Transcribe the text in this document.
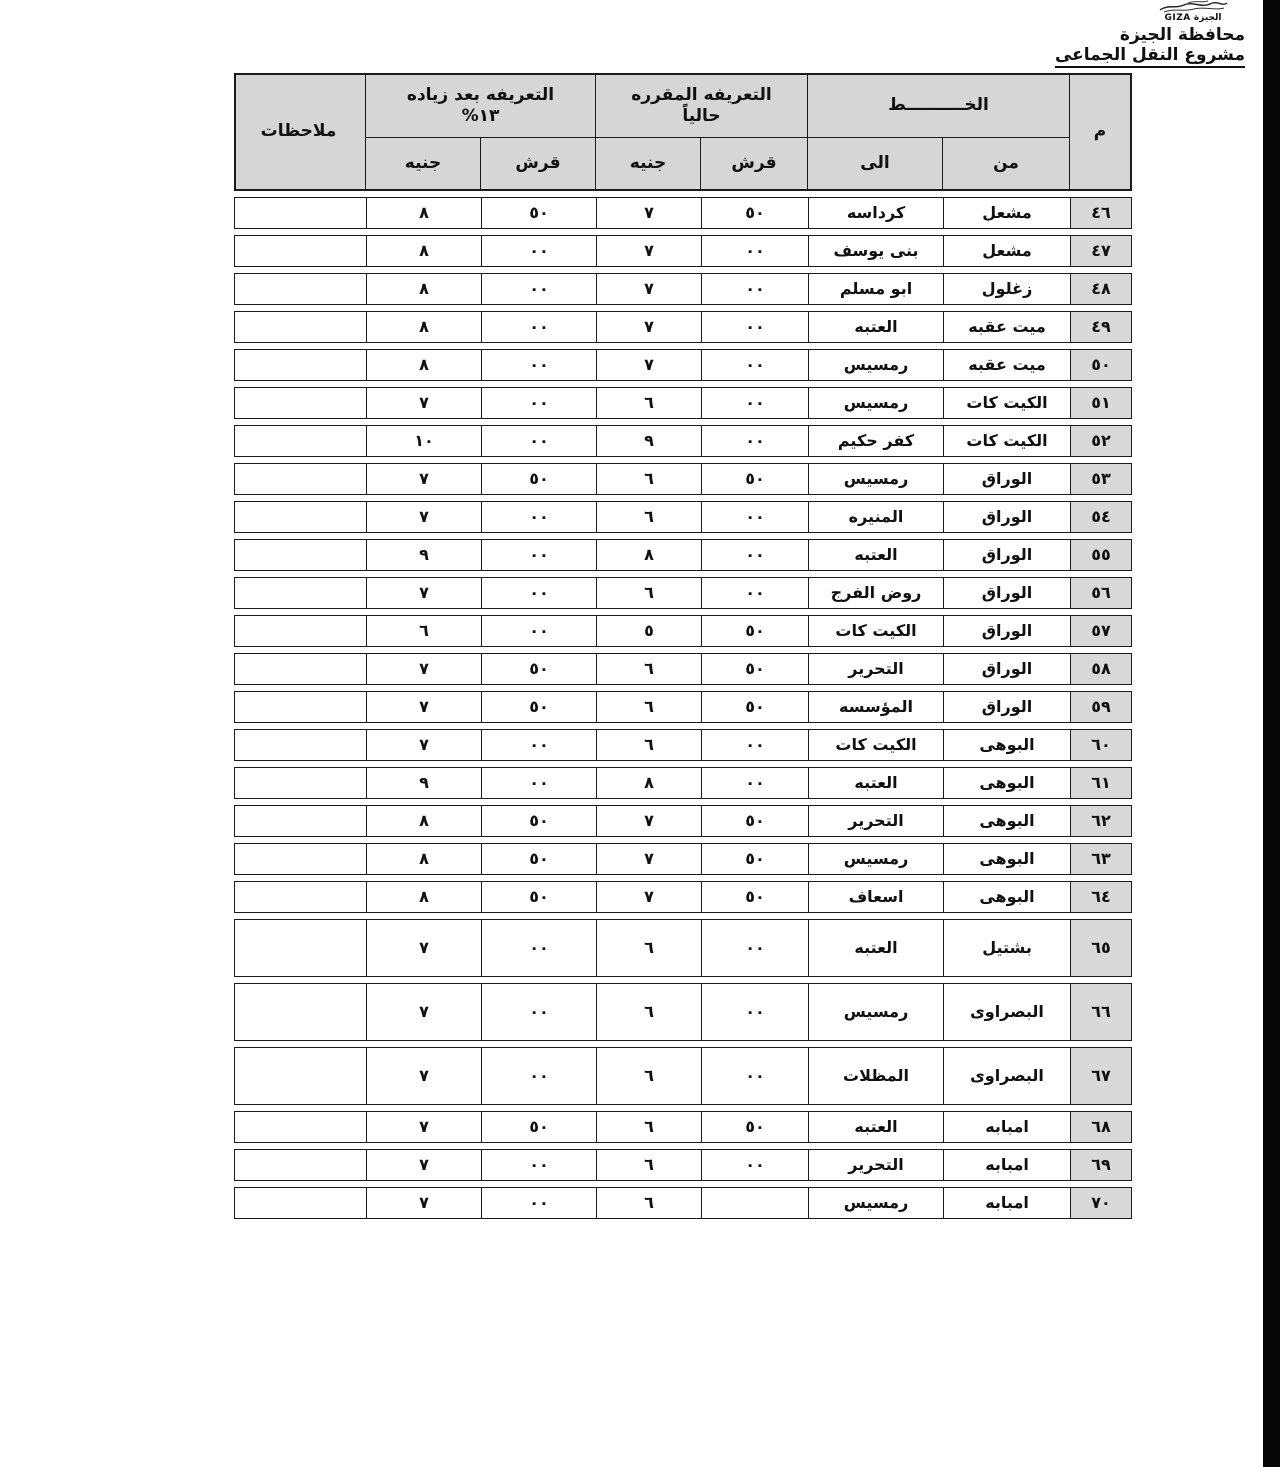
الجيزة GIZA
محافظة الجيزة
مشروع النقل الجماعى
م
الخــــــــــط
من
الى
التعريفه المقرره
حالياً
قرش
جنيه
التعريفه بعد زياده
١٣%
قرش
جنيه
ملاحظات
٤٦
مشعل
كرداسه
٥٠
٧
٥٠
٨
٤٧
مشعل
بنى يوسف
٠٠
٧
٠٠
٨
٤٨
زغلول
ابو مسلم
٠٠
٧
٠٠
٨
٤٩
ميت عقبه
العتبه
٠٠
٧
٠٠
٨
٥٠
ميت عقبه
رمسيس
٠٠
٧
٠٠
٨
٥١
الكيت كات
رمسيس
٠٠
٦
٠٠
٧
٥٢
الكيت كات
كفر حكيم
٠٠
٩
٠٠
١٠
٥٣
الوراق
رمسيس
٥٠
٦
٥٠
٧
٥٤
الوراق
المنيره
٠٠
٦
٠٠
٧
٥٥
الوراق
العتبه
٠٠
٨
٠٠
٩
٥٦
الوراق
روض الفرج
٠٠
٦
٠٠
٧
٥٧
الوراق
الكيت كات
٥٠
٥
٠٠
٦
٥٨
الوراق
التحرير
٥٠
٦
٥٠
٧
٥٩
الوراق
المؤسسه
٥٠
٦
٥٠
٧
٦٠
البوهى
الكيت كات
٠٠
٦
٠٠
٧
٦١
البوهى
العتبه
٠٠
٨
٠٠
٩
٦٢
البوهى
التحرير
٥٠
٧
٥٠
٨
٦٣
البوهى
رمسيس
٥٠
٧
٥٠
٨
٦٤
البوهى
اسعاف
٥٠
٧
٥٠
٨
٦٥
بشتيل
العتبه
٠٠
٦
٠٠
٧
٦٦
البصراوى
رمسيس
٠٠
٦
٠٠
٧
٦٧
البصراوى
المظلات
٠٠
٦
٠٠
٧
٦٨
امبابه
العتبه
٥٠
٦
٥٠
٧
٦٩
امبابه
التحرير
٠٠
٦
٠٠
٧
٧٠
امبابه
رمسيس
٦
٠٠
٧
